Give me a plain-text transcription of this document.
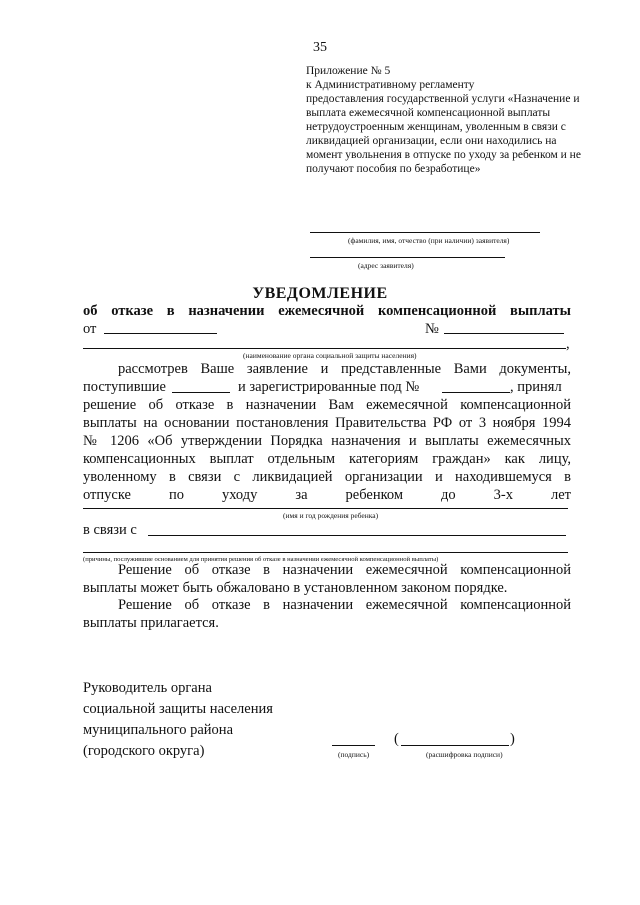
35
Приложение № 5
к Административному регламенту
предоставления государственной услуги «Назначение и
выплата ежемесячной компенсационной выплаты
нетрудоустроенным женщинам, уволенным в связи с
ликвидацией организации, если они находились на
момент увольнения в отпуске по уходу за ребенком и не
получают пособия по безработице»
(фамилия, имя, отчество (при наличии) заявителя)
(адрес заявителя)
УВЕДОМЛЕНИЕ
об отказе в назначении ежемесячной компенсационной выплаты
от	№
,
(наименование органа социальной защиты населения)
рассмотрев Ваше заявление и представленные Вами документы,
поступившие	и зарегистрированные под №	, принял
решение об отказе в назначении Вам ежемесячной компенсационной
выплаты на основании постановления Правительства РФ от 3 ноября 1994
№ 1206 «Об утверждении Порядка назначения и выплаты ежемесячных
компенсационных выплат отдельным категориям граждан» как лицу,
уволенному в связи с ликвидацией организации и находившемуся в
отпуске по уходу за ребенком до 3-х лет
(имя и год рождения ребенка)
в связи с
(причины, послужившие основанием для принятия решения об отказе в назначении ежемесячной компенсационной выплаты)
Решение об отказе в назначении ежемесячной компенсационной
выплаты может быть обжаловано в установленном законом порядке.
Решение об отказе в назначении ежемесячной компенсационной
выплаты прилагается.
Руководитель органа
социальной защиты населения
муниципального района
(городского округа)	(подпись)
(	)
(расшифровка подписи)
